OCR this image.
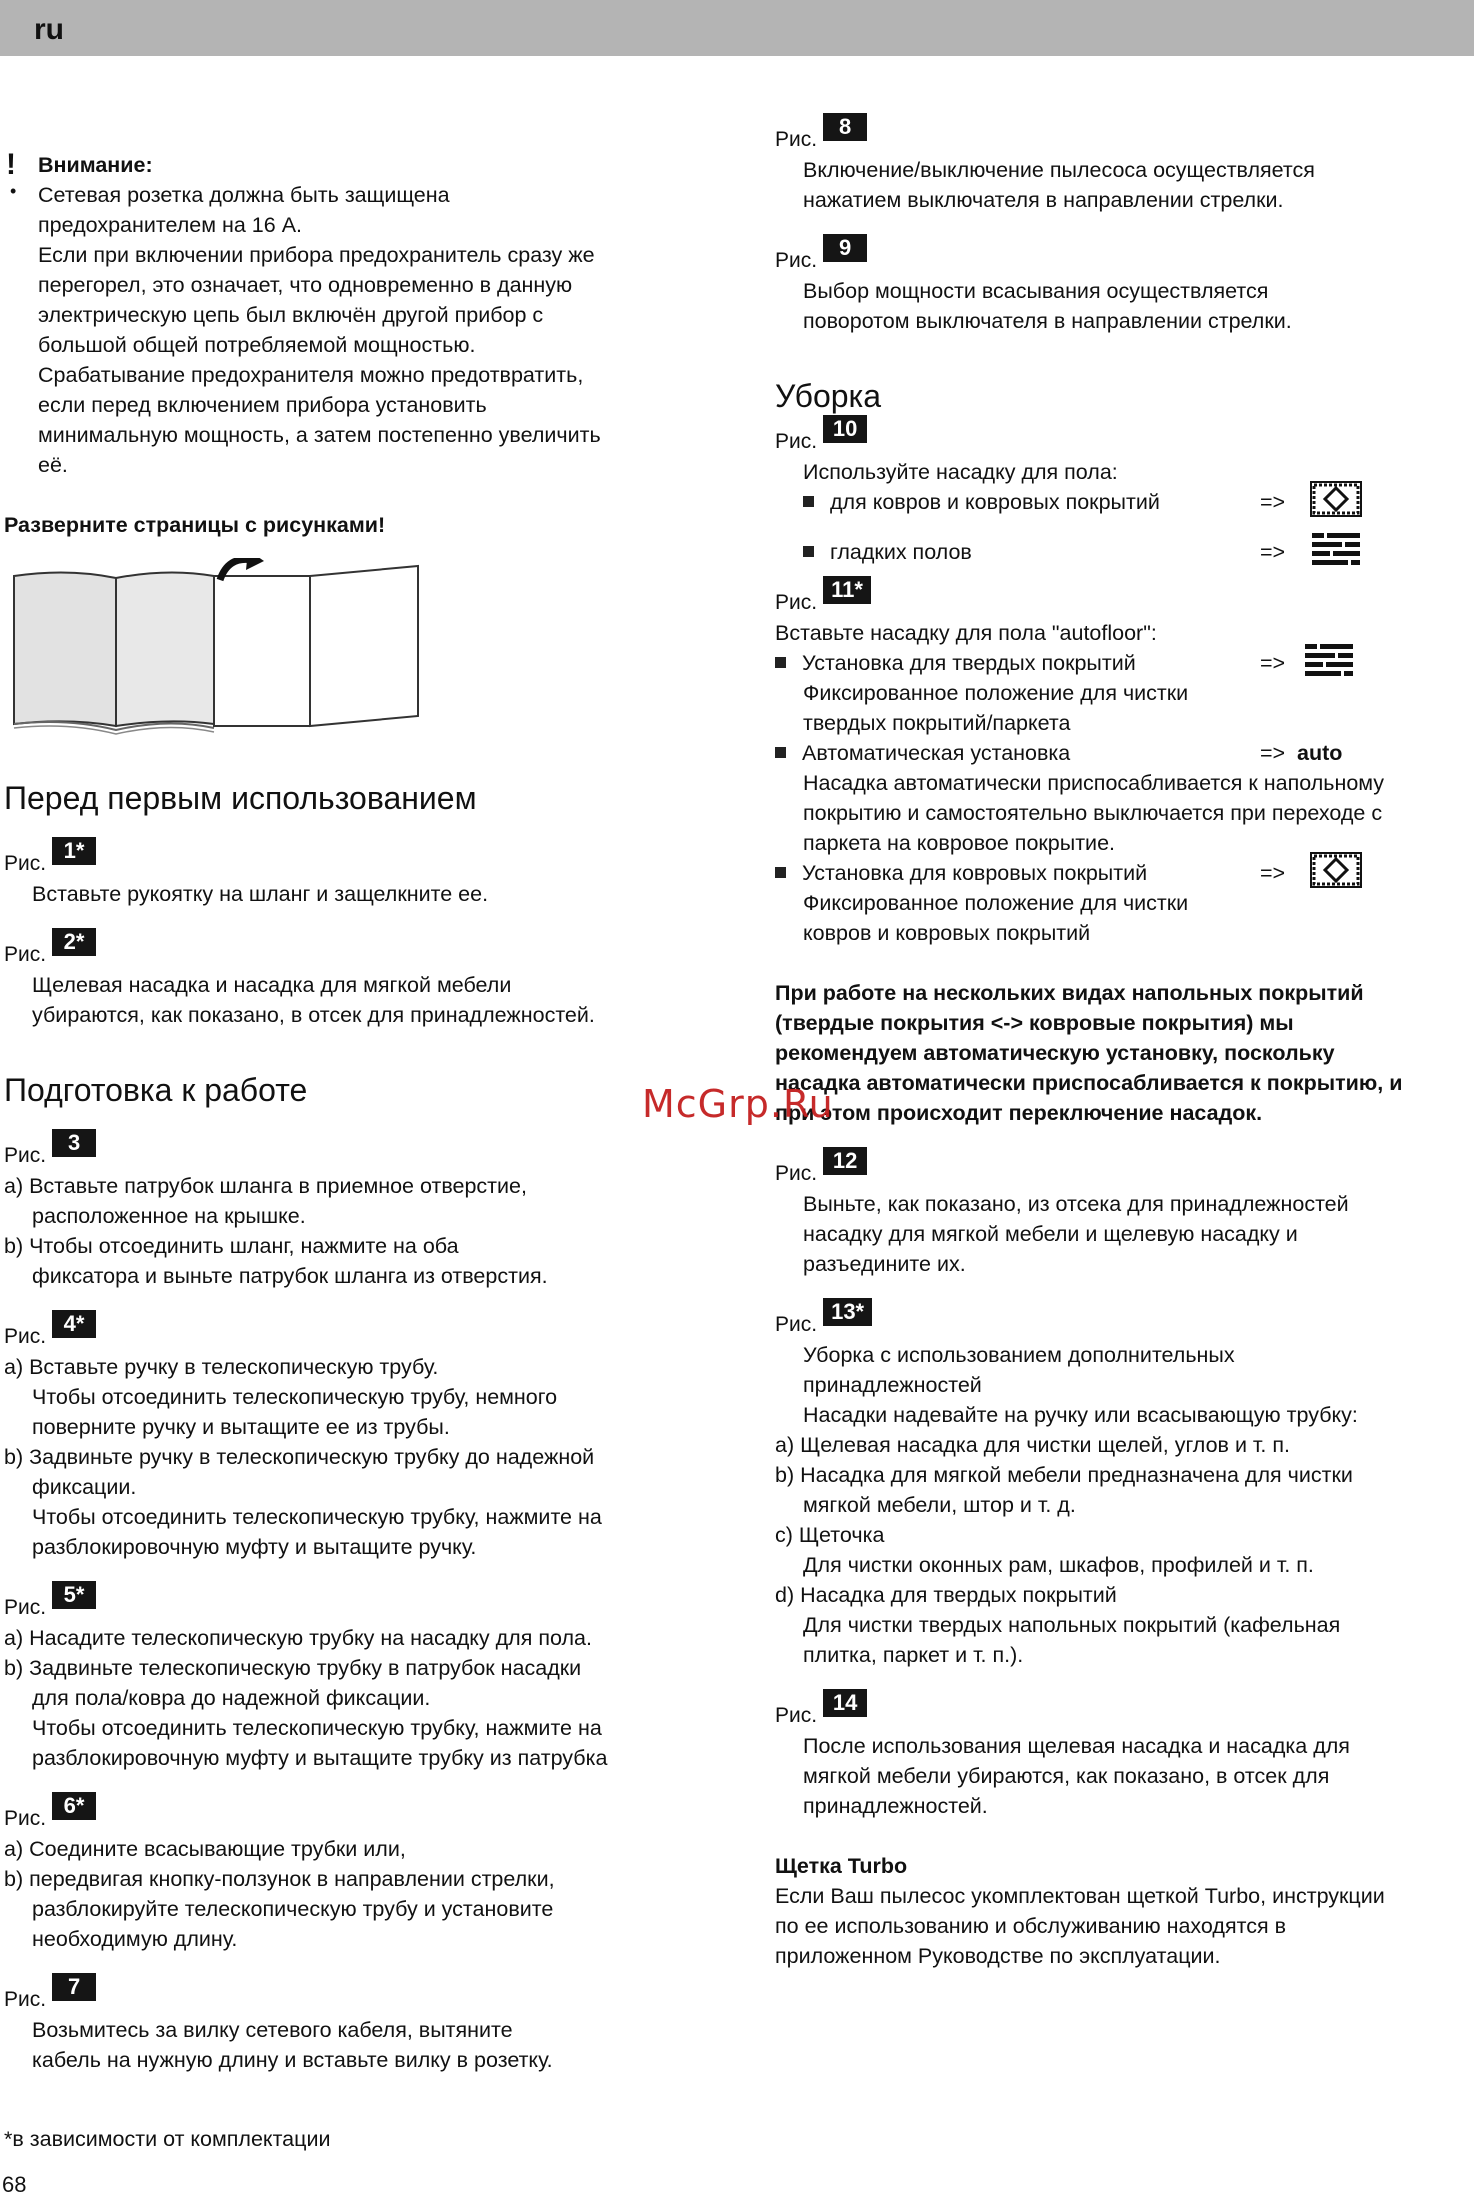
ru
!
•
Внимание:
Сетевая розетка должна быть защищена
предохранителем на 16 А.
Если при включении прибора предохранитель сразу же
перегорел, это означает, что одновременно в данную
электрическую цепь был включён другой прибор с
большой общей потребляемой мощностью.
Срабатывание предохранителя можно предотвратить,
если перед включением прибора установить
минимальную мощность, а затем постепенно увеличить
её.
Разверните страницы с рисунками!
Перед первым использованием
Рис.1*
Вставьте рукоятку на шланг и защелкните ее.
Рис.2*
Щелевая насадка и насадка для мягкой мебели
убираются, как показано, в отсек для принадлежностей.
Подготовка к работе
Рис.3
a) Вставьте патрубок шланга в приемное отверстие,
расположенное на крышке.
b) Чтобы отсоединить шланг, нажмите на оба
фиксатора и выньте патрубок шланга из отверстия.
Рис.4*
a) Вставьте ручку в телескопическую трубу.
Чтобы отсоединить телескопическую трубу, немного
поверните ручку и вытащите ее из трубы.
b) Задвиньте ручку в телескопическую трубку до надежной
фиксации.
Чтобы отсоединить телескопическую трубку, нажмите на
разблокировочную муфту и вытащите ручку.
Рис.5*
a) Насадите телескопическую трубку на насадку для пола.
b) Задвиньте телескопическую трубку в патрубок насадки
для пола/ковра до надежной фиксации.
Чтобы отсоединить телескопическую трубку, нажмите на
разблокировочную муфту и вытащите трубку из патрубка
Рис.6*
a) Соедините всасывающие трубки или,
b) передвигая кнопку-ползунок в направлении стрелки,
разблокируйте телескопическую трубу и установите
необходимую длину.
Рис.7
Возьмитесь за вилку сетевого кабеля, вытяните
кабель на нужную длину и вставьте вилку в розетку.
Рис.8
Включение/выключение пылесоса осуществляется
нажатием выключателя в направлении стрелки.
Рис.9
Выбор мощности всасывания осуществляется
поворотом выключателя в направлении стрелки.
Уборка
Рис.10
Используйте насадку для пола:
для ковров и ковровых покрытий	=>
гладких полов	=>
Рис.11*
Вставьте насадку для пола "autofloor":
Установка для твердых покрытий	=>
Фиксированное положение для чистки
твердых покрытий/паркета
Автоматическая установка	=> auto
Насадка автоматически приспосабливается к напольному
покрытию и самостоятельно выключается при переходе с
паркета на ковровое покрытие.
Установка для ковровых покрытий	=>
Фиксированное положение для чистки
ковров и ковровых покрытий
При работе на нескольких видах напольных покрытий
(твердые покрытия <-> ковровые покрытия) мы
рекомендуем автоматическую установку, поскольку
насадка автоматически приспосабливается к покрытию, и
при этом происходит переключение насадок.
Рис.12
Выньте, как показано, из отсека для принадлежностей
насадку для мягкой мебели и щелевую насадку и
разъедините их.
Рис.13*
Уборка с использованием дополнительных
принадлежностей
Насадки надевайте на ручку или всасывающую трубку:
a) Щелевая насадка для чистки щелей, углов и т. п.
b) Насадка для мягкой мебели предназначена для чистки
мягкой мебели, штор и т. д.
c) Щеточка
Для чистки оконных рам, шкафов, профилей и т. п.
d) Насадка для твердых покрытий
Для чистки твердых напольных покрытий (кафельная
плитка, паркет и т. п.).
Рис.14
После использования щелевая насадка и насадка для
мягкой мебели убираются, как показано, в отсек для
принадлежностей.
Щетка Turbo
Если Ваш пылесос укомплектован щеткой Turbo, инструкции
по ее использованию и обслуживанию находятся в
приложенном Руководстве по эксплуатации.
McGrp.Ru
*в зависимости от комплектации
68
